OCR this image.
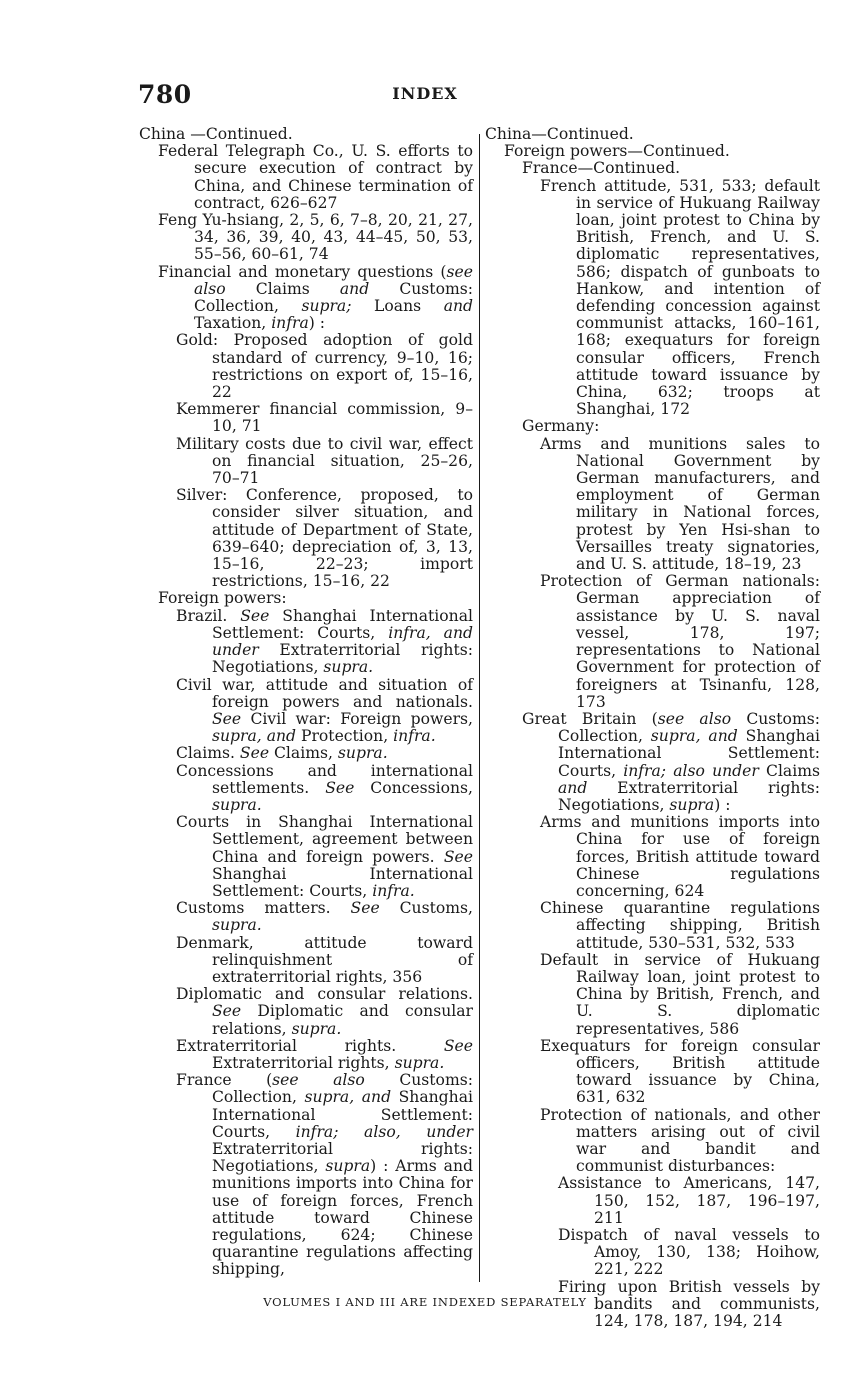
780	INDEX

China —Continued.

Federal Telegraph Co., U. S. efforts to secure execution of contract by China, and Chinese termination of contract, 626–627

Feng Yu-hsiang, 2, 5, 6, 7–8, 20, 21, 27, 34, 36, 39, 40, 43, 44–45, 50, 53, 55–56, 60–61, 74

Financial and monetary questions (see also Claims and Customs: Collection, supra; Loans and Taxation, infra) :

Gold: Proposed adoption of gold standard of currency, 9–10, 16; restrictions on export of, 15–16, 22

Kemmerer financial commission, 9–10, 71

Military costs due to civil war, effect on financial situation, 25–26, 70–71

Silver: Conference, proposed, to consider silver situation, and attitude of Department of State, 639–640; depreciation of, 3, 13, 15–16, 22–23; import restrictions, 15–16, 22

Foreign powers:

Brazil. See Shanghai International Settlement: Courts, infra, and under Extraterritorial rights: Negotiations, supra.

Civil war, attitude and situation of foreign powers and nationals. See Civil war: Foreign powers, supra, and Protection, infra.

Claims. See Claims, supra.

Concessions and international settlements. See Concessions, supra.

Courts in Shanghai International Settlement, agreement between China and foreign powers. See Shanghai International Settlement: Courts, infra.

Customs matters. See Customs, supra.

Denmark, attitude toward relinquishment of extraterritorial rights, 356

Diplomatic and consular relations. See Diplomatic and consular relations, supra.

Extraterritorial rights. See Extraterritorial rights, supra.

France (see also Customs: Collection, supra, and Shanghai International Settlement: Courts, infra; also, under Extraterritorial rights: Negotiations, supra) : Arms and munitions imports into China for use of foreign forces, French attitude toward Chinese regulations, 624; Chinese quarantine regulations affecting shipping,

China—Continued.

Foreign powers—Continued.

France—Continued.

French attitude, 531, 533; default in service of Hukuang Railway loan, joint protest to China by British, French, and U. S. diplomatic representatives, 586; dispatch of gunboats to Hankow, and intention of defending concession against communist attacks, 160–161, 168; exequaturs for foreign consular officers, French attitude toward issuance by China, 632; troops at Shanghai, 172

Germany:

Arms and munitions sales to National Government by German manufacturers, and employment of German military in National forces, protest by Yen Hsi-shan to Versailles treaty signatories, and U. S. attitude, 18–19, 23

Protection of German nationals: German appreciation of assistance by U. S. naval vessel, 178, 197; representations to National Government for protection of foreigners at Tsinanfu, 128, 173

Great Britain (see also Customs: Collection, supra, and Shanghai International Settlement: Courts, infra; also under Claims and Extraterritorial rights: Negotiations, supra) :

Arms and munitions imports into China for use of foreign forces, British attitude toward Chinese regulations concerning, 624

Chinese quarantine regulations affecting shipping, British attitude, 530–531, 532, 533

Default in service of Hukuang Railway loan, joint protest to China by British, French, and U. S. diplomatic representatives, 586

Exequaturs for foreign consular officers, British attitude toward issuance by China, 631, 632

Protection of nationals, and other matters arising out of civil war and bandit and communist disturbances:

Assistance to Americans, 147, 150, 152, 187, 196–197, 211

Dispatch of naval vessels to Amoy, 130, 138; Hoihow, 221, 222

Firing upon British vessels by bandits and communists, 124, 178, 187, 194, 214

VOLUMES I AND III ARE INDEXED SEPARATELY
